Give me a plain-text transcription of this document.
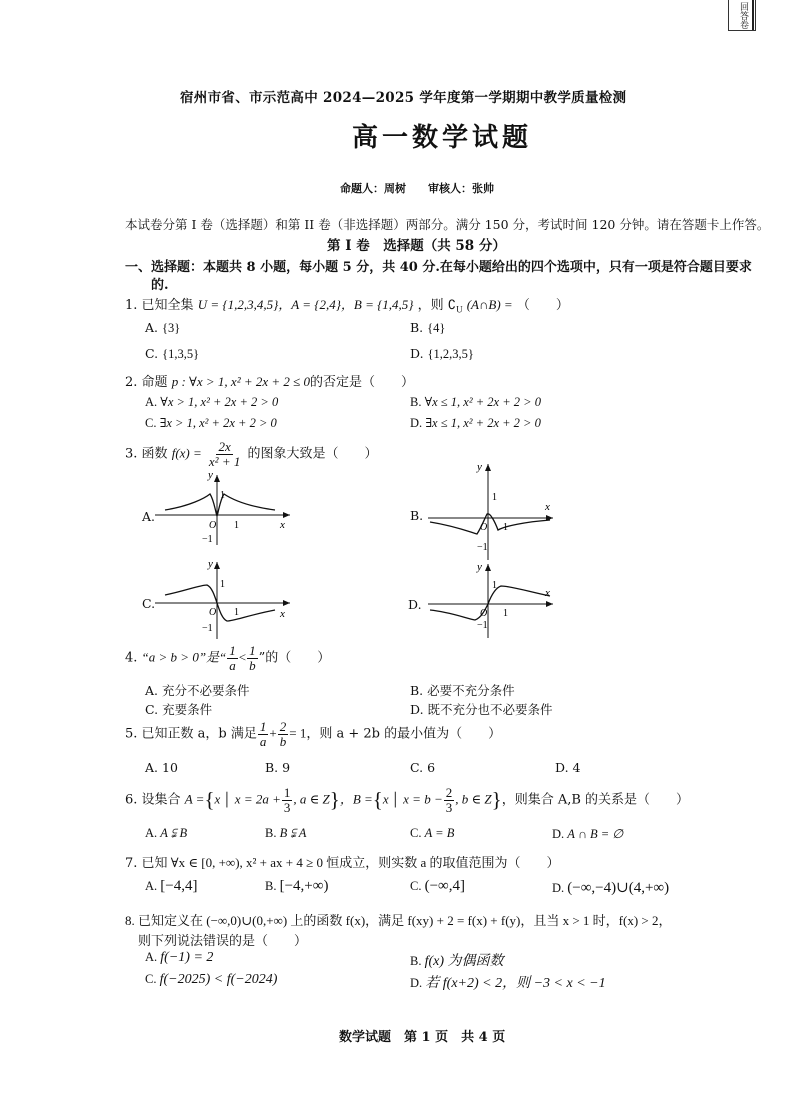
回答卷
宿州市省、市示范高中 2024—2025 学年度第一学期期中教学质量检测
高一数学试题
命题人：周树　　审核人：张帅
本试卷分第 I 卷（选择题）和第 II 卷（非选择题）两部分。满分 150 分，考试时间 120 分钟。请在答题卡上作答。
第 I 卷　选择题（共 58 分）
一、选择题：本题共 8 小题，每小题 5 分，共 40 分.在每小题给出的四个选项中，只有一项是符合题目要求
的.
1. 已知全集 U = {1,2,3,4,5}，A = {2,4}，B = {1,4,5} ，则 $∁_U$ (A∩B) = （　　）
A. {3}	B. {4}
C. {1,3,5}	D. {1,2,3,5}
2. 命题 p : ∀x > 1, x² + 2x + 2 ≤ 0的否定是（　　）
A. ∀x > 1, x² + 2x + 2 > 0	B. ∀x ≤ 1, x² + 2x + 2 > 0
C. ∃x > 1, x² + 2x + 2 > 0	D. ∃x ≤ 1, x² + 2x + 2 > 0
3. 函数 $f(x) = \frac{2x}{\text{x² + 1}}$ 的图象大致是（　　）
A.	B.
C.	D.
y
x
O 1
1
−1
y
x
O 1
1
−1
y
x
O 1
1
−1
y
x
O 1
1
−1
4. “a > b > 0”是“ $\frac{1}{a} < \frac{1}{b}$ ”的（　　）
A. 充分不必要条件	B. 必要不充分条件
C. 充要条件	D. 既不充分也不必要条件
5. 已知正数 a，b 满足 $\frac{1}{a} + \frac{2}{b} = 1$，则 a + 2b 的最小值为（　　）
A. 10	B. 9	C. 6	D. 4
6. 设集合 A ={x │ $x = 2a + \frac{1}{3}$ , a ∈ Z}，B ={x │ $x = b - \frac{2}{3}$ , b ∈ Z}，则集合 A,B 的关系是（　　）
A. A ⫋ B	B. B ⫋ A	C. A = B	D. A ∩ B = ∅
7. 已知 ∀x ∈ [0, +∞), x² + ax + 4 ≥ 0 恒成立，则实数 a 的取值范围为（　　）
A. [−4,4]	B. [−4,+∞)	C. (−∞,4]	D. (−∞,−4)∪(4,+∞)
8. 已知定义在 (−∞,0)∪(0,+∞) 上的函数 f(x)，满足 f(xy) + 2 = f(x) + f(y)，且当 x > 1 时，f(x) > 2，
则下列说法错误的是（　　）
A. f(−1) = 2	B. f(x) 为偶函数
C. f(−2025) < f(−2024)	D. 若 f(x+2) < 2，则 −3 < x < −1
数学试题　第 1 页　共 4 页
